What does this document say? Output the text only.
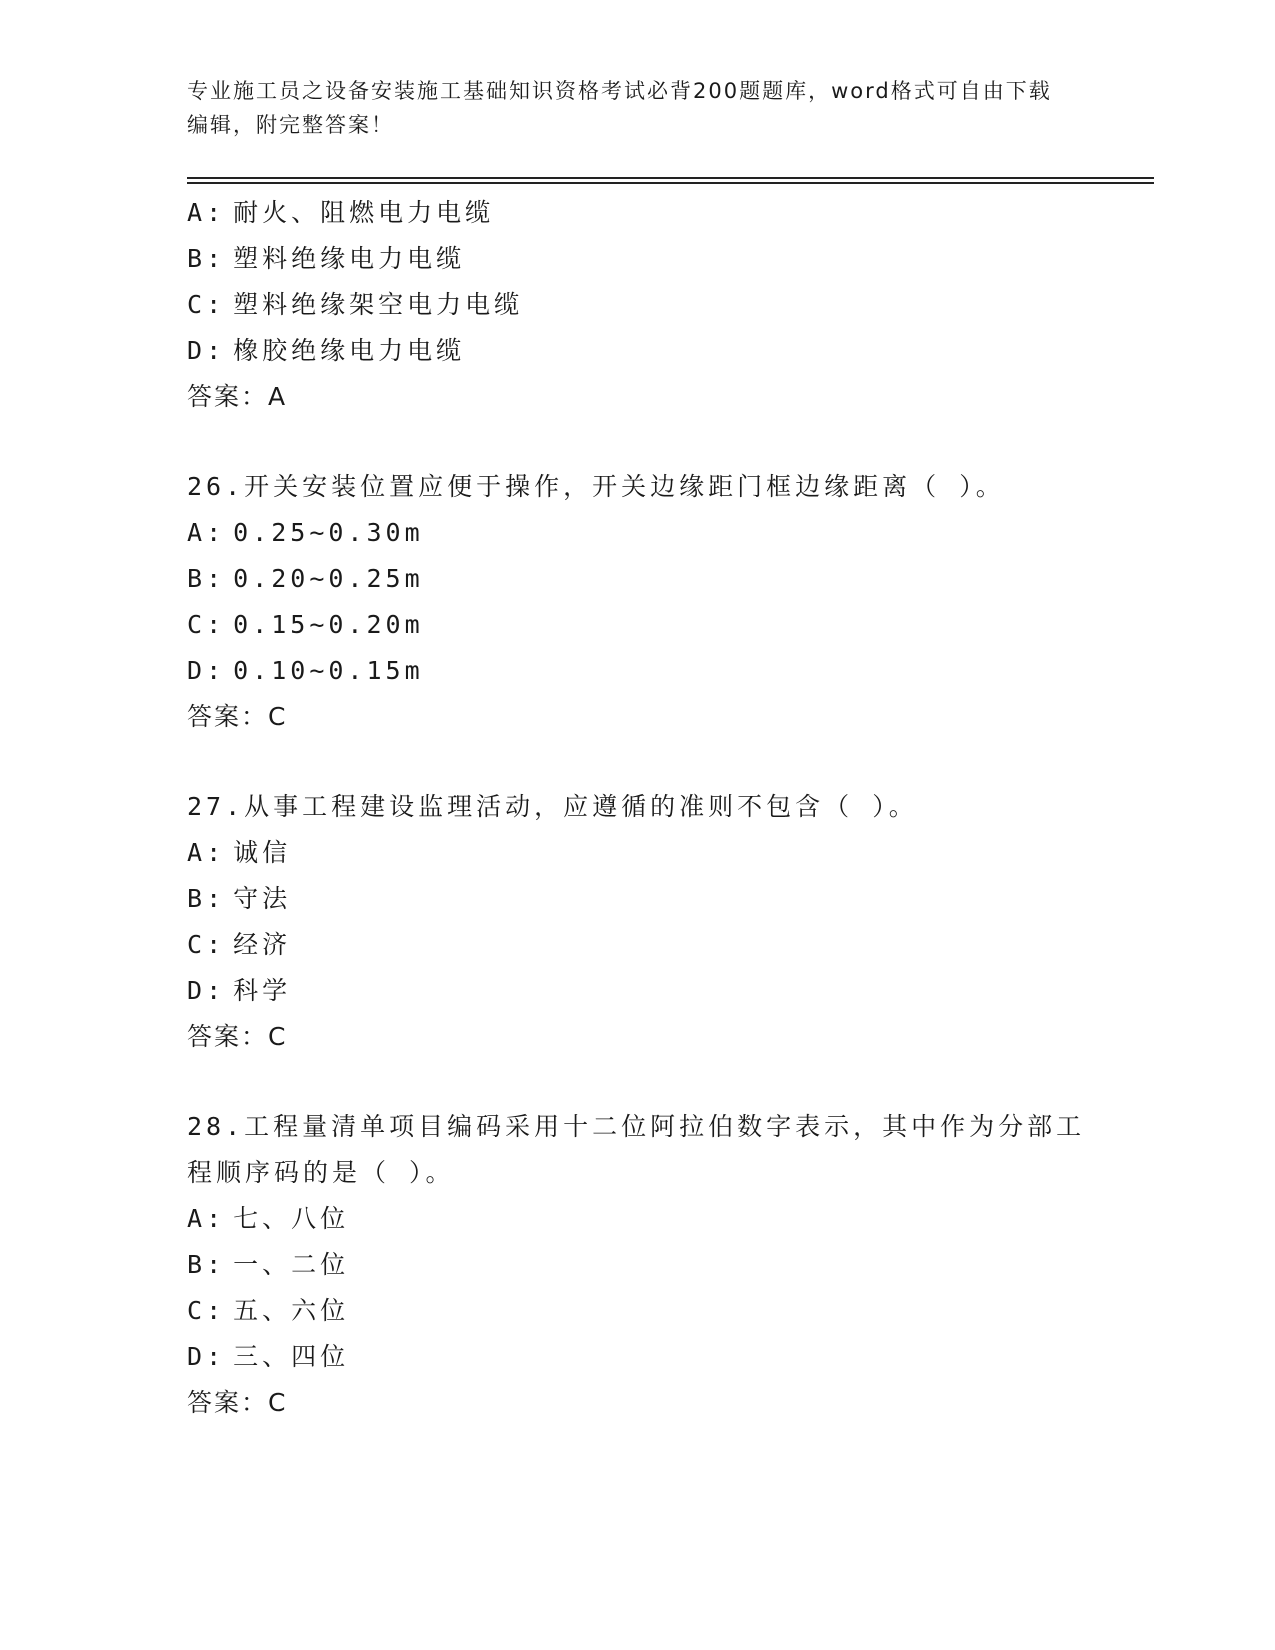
专业施工员之设备安装施工基础知识资格考试必背200题题库，word格式可自由下载编辑，附完整答案！

A: 耐火、阻燃电力电缆
B: 塑料绝缘电力电缆
C: 塑料绝缘架空电力电缆
D: 橡胶绝缘电力电缆
答案：A
26.开关安装位置应便于操作，开关边缘距门框边缘距离（ ）。
A: 0.25~0.30m
B: 0.20~0.25m
C: 0.15~0.20m
D: 0.10~0.15m
答案：C
27.从事工程建设监理活动，应遵循的准则不包含（ ）。
A: 诚信
B: 守法
C: 经济
D: 科学
答案：C
28.工程量清单项目编码采用十二位阿拉伯数字表示，其中作为分部工程顺序码的是（ ）。
A: 七、八位
B: 一、二位
C: 五、六位
D: 三、四位
答案：C
